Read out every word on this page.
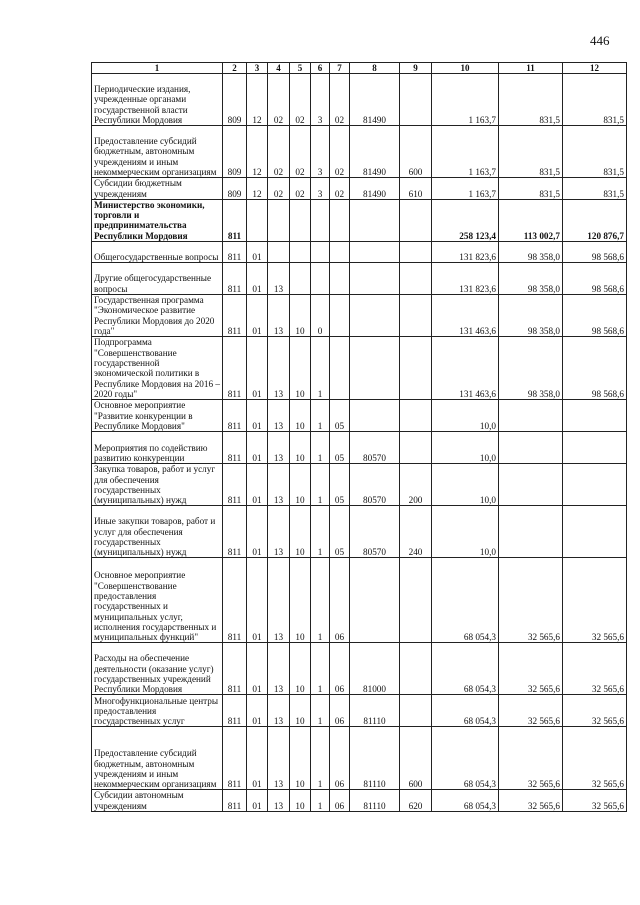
446
1	2	3	4	5	6	7	8	9	10	11	12
Периодические издания, учрежденные органами государственной власти Республики Мордовия	809	12	02	02	3	02	81490		1 163,7	831,5	831,5
Предоставление субсидий бюджетным, автономным учреждениям и иным некоммерческим организациям	809	12	02	02	3	02	81490	600	1 163,7	831,5	831,5
Субсидии бюджетным учреждениям	809	12	02	02	3	02	81490	610	1 163,7	831,5	831,5
Министерство экономики, торговли и предпринимательства Республики Мордовия	811								258 123,4	113 002,7	120 876,7
Общегосударственные вопросы	811	01							131 823,6	98 358,0	98 568,6
Другие общегосударственные вопросы	811	01	13						131 823,6	98 358,0	98 568,6
Государственная программа "Экономическое развитие Республики Мордовия до 2020 года"	811	01	13	10	0				131 463,6	98 358,0	98 568,6
Подпрограмма "Совершенствование государственной экономической политики в Республике Мордовия на 2016 – 2020 годы"	811	01	13	10	1				131 463,6	98 358,0	98 568,6
Основное мероприятие "Развитие конкуренции в Республике Мордовия"	811	01	13	10	1	05			10,0		
Мероприятия по содействию развитию конкуренции	811	01	13	10	1	05	80570		10,0		
Закупка товаров, работ и услуг для обеспечения государственных (муниципальных) нужд	811	01	13	10	1	05	80570	200	10,0		
Иные закупки товаров, работ и услуг для обеспечения государственных (муниципальных) нужд	811	01	13	10	1	05	80570	240	10,0		
Основное мероприятие "Совершенствование предоставления государственных и муниципальных услуг, исполнения государственных и муниципальных функций"	811	01	13	10	1	06			68 054,3	32 565,6	32 565,6
Расходы на обеспечение деятельности (оказание услуг) государственных учреждений Республики Мордовия	811	01	13	10	1	06	81000		68 054,3	32 565,6	32 565,6
Многофункциональные центры предоставления государственных услуг	811	01	13	10	1	06	81110		68 054,3	32 565,6	32 565,6
Предоставление субсидий бюджетным, автономным учреждениям и иным некоммерческим организациям	811	01	13	10	1	06	81110	600	68 054,3	32 565,6	32 565,6
Субсидии автономным учреждениям	811	01	13	10	1	06	81110	620	68 054,3	32 565,6	32 565,6
